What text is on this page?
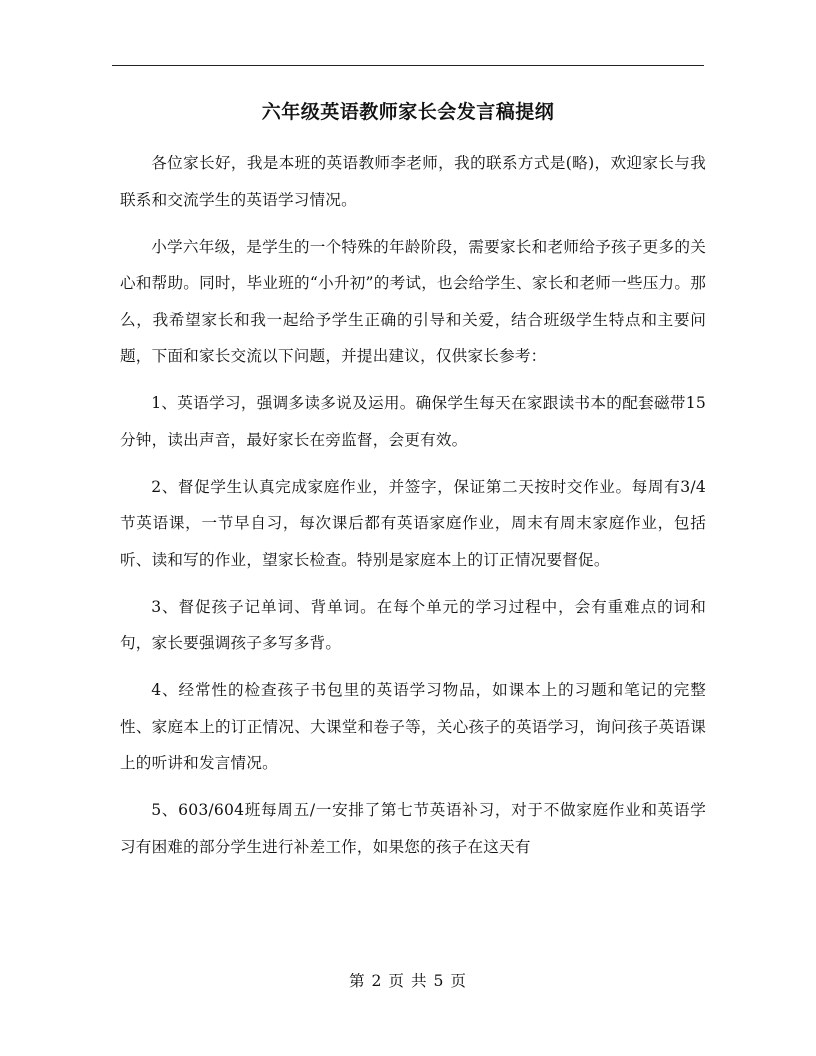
六年级英语教师家长会发言稿提纲

各位家长好，我是本班的英语教师李老师，我的联系方式是(略)，欢迎家长与我联系和交流学生的英语学习情况。

小学六年级，是学生的一个特殊的年龄阶段，需要家长和老师给予孩子更多的关心和帮助。同时，毕业班的“小升初”的考试，也会给学生、家长和老师一些压力。那么，我希望家长和我一起给予学生正确的引导和关爱，结合班级学生特点和主要问题，下面和家长交流以下问题，并提出建议，仅供家长参考：

1、英语学习，强调多读多说及运用。确保学生每天在家跟读书本的配套磁带15分钟，读出声音，最好家长在旁监督，会更有效。

2、督促学生认真完成家庭作业，并签字，保证第二天按时交作业。每周有3/4节英语课，一节早自习，每次课后都有英语家庭作业，周末有周末家庭作业，包括听、读和写的作业，望家长检查。特别是家庭本上的订正情况要督促。

3、督促孩子记单词、背单词。在每个单元的学习过程中，会有重难点的词和句，家长要强调孩子多写多背。

4、经常性的检查孩子书包里的英语学习物品，如课本上的习题和笔记的完整性、家庭本上的订正情况、大课堂和卷子等，关心孩子的英语学习，询问孩子英语课上的听讲和发言情况。

5、603/604班每周五/一安排了第七节英语补习，对于不做家庭作业和英语学习有困难的部分学生进行补差工作，如果您的孩子在这天有

第 2 页 共 5 页
